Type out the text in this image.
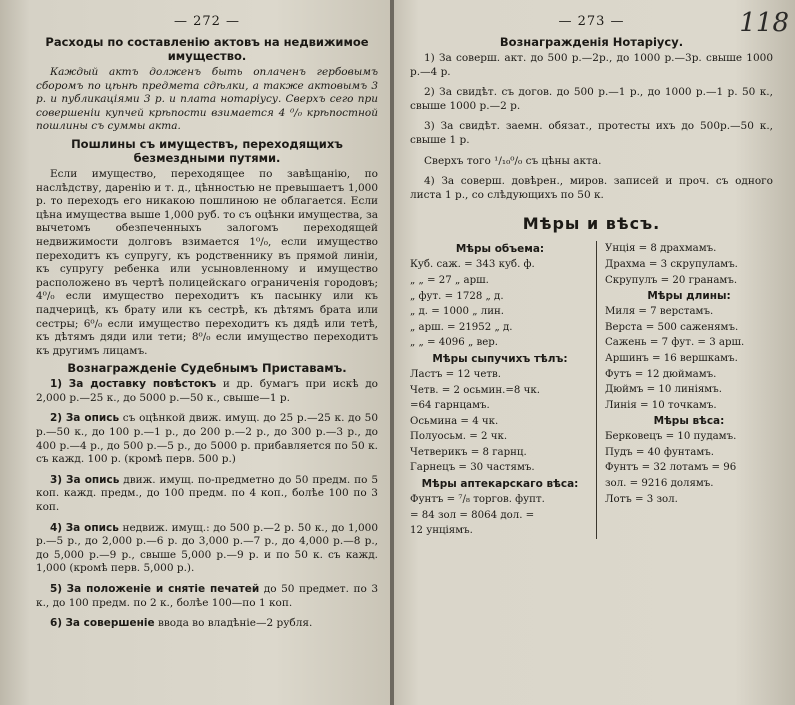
— 272 —
Расходы по составленію актовъ на недвижимое имущество.

Каждый актъ долженъ быть оплаченъ гербовымъ сборомъ по цѣнѣ предмета сдѣлки, а также актовымъ 3 р. и публикаціями 3 р. и плата нотаріусу. Сверхъ сего при совершеніи купчей крѣпости взимается 4 ⁰/₀ крѣпостной пошлины съ суммы акта.

Пошлины съ имуществъ, переходящихъ безмездными путями.

Если имущество, переходящее по завѣщанію, по наслѣдству, даренію и т. д., цѣнностью не превышаетъ 1,000 р. то переходъ его никакою пошлиною не облагается. Если цѣна имущества выше 1,000 руб. то съ оцѣнки имущества, за вычетомъ обезпеченныхъ залогомъ переходящей недвижимости долговъ взимается 1⁰/₀, если имущество переходитъ къ супругу, къ родственнику въ прямой линіи, къ супругу ребенка или усыновленному и имущество расположено въ чертѣ полицейскаго ограниченія городовъ; 4⁰/₀ если имущество переходитъ къ пасынку или къ падчерицѣ, къ брату или къ сестрѣ, къ дѣтямъ брата или сестры; 6⁰/₀ если имущество переходитъ къ дядѣ или тетѣ, къ дѣтямъ дяди или тети; 8⁰/₀ если имущество переходитъ къ другимъ лицамъ.

Вознагражденіе Судебнымъ Приставамъ.

1) За доставку повѣстокъ и др. бумагъ при искѣ до 2,000 р.—25 к., до 5000 р.—50 к., свыше—1 р.

2) За опись съ оцѣнкой движ. имущ. до 25 р.—25 к. до 50 р.—50 к., до 100 р.—1 р., до 200 р.—2 р., до 300 р.—3 р., до 400 р.—4 р., до 500 р.—5 р., до 5000 р. прибавляется по 50 к. съ кажд. 100 р. (кромѣ перв. 500 р.)

3) За опись движ. имущ. по-предметно до 50 предм. по 5 коп. кажд. предм., до 100 предм. по 4 коп., болѣе 100 по 3 коп.

4) За опись недвиж. имущ.: до 500 р.—2 р. 50 к., до 1,000 р.—5 р., до 2,000 р.—6 р. до 3,000 р.—7 р., до 4,000 р.—8 р., до 5,000 р.—9 р., свыше 5,000 р.—9 р. и по 50 к. съ кажд. 1,000 (кромѣ перв. 5,000 р.).

5) За положеніе и снятіе печатей до 50 предмет. по 3 к., до 100 предм. по 2 к., болѣе 100—по 1 коп.

6) За совершеніе ввода во владѣніе—2 рубля.

118
— 273 —
Вознагражденія Нотаріусу.

1) За соверш. акт. до 500 р.—2р., до 1000 р.—3р. свыше 1000 р.—4 р.

2) За свидѣт. съ догов. до 500 р.—1 р., до 1000 р.—1 р. 50 к., свыше 1000 р.—2 р.

3) За свидѣт. заемн. обязат., протесты ихъ до 500р.—50 к., свыше 1 р.

Сверхъ того ¹/₁₀⁰/₀ съ цѣны акта.

4) За соверш. довѣрен., миров. записей и проч. съ одного листа 1 р., со слѣдующихъ по 50 к.

Мѣры и вѣсъ.
Мѣры объема:
Куб. саж. = 343 куб. ф.
„ „ = 27 „ арш.
„ фут. = 1728 „ д.
„ д. = 1000 „ лин.
„ арш. = 21952 „ д.
„ „ = 4096 „ вер.
Мѣры сыпучихъ тѣлъ:
Ластъ = 12 четв.
Четв. = 2 осьмин.=8 чк.
=64 гарнцамъ.
Осьмина = 4 чк.
Полуосьм. = 2 чк.
Четверикъ = 8 гарнц.
Гарнецъ = 30 частямъ.
Мѣры аптекарскаго вѣса:
Фунтъ = ⁷/₈ торгов. фупт.
= 84 зол = 8064 дол. =
12 унціямъ.
Унція = 8 драхмамъ.
Драхма = 3 скрупуламъ.
Скрупулъ = 20 гранамъ.
Мѣры длины:
Миля = 7 верстамъ.
Верста = 500 саженямъ.
Сажень = 7 фут. = 3 арш.
Аршинъ = 16 вершкамъ.
Футъ = 12 дюймамъ.
Дюймъ = 10 линіямъ.
Линія = 10 точкамъ.
Мѣры вѣса:
Берковецъ = 10 пудамъ.
Пудъ = 40 фунтамъ.
Фунтъ = 32 лотамъ = 96
зол. = 9216 долямъ.
Лотъ = 3 зол.
